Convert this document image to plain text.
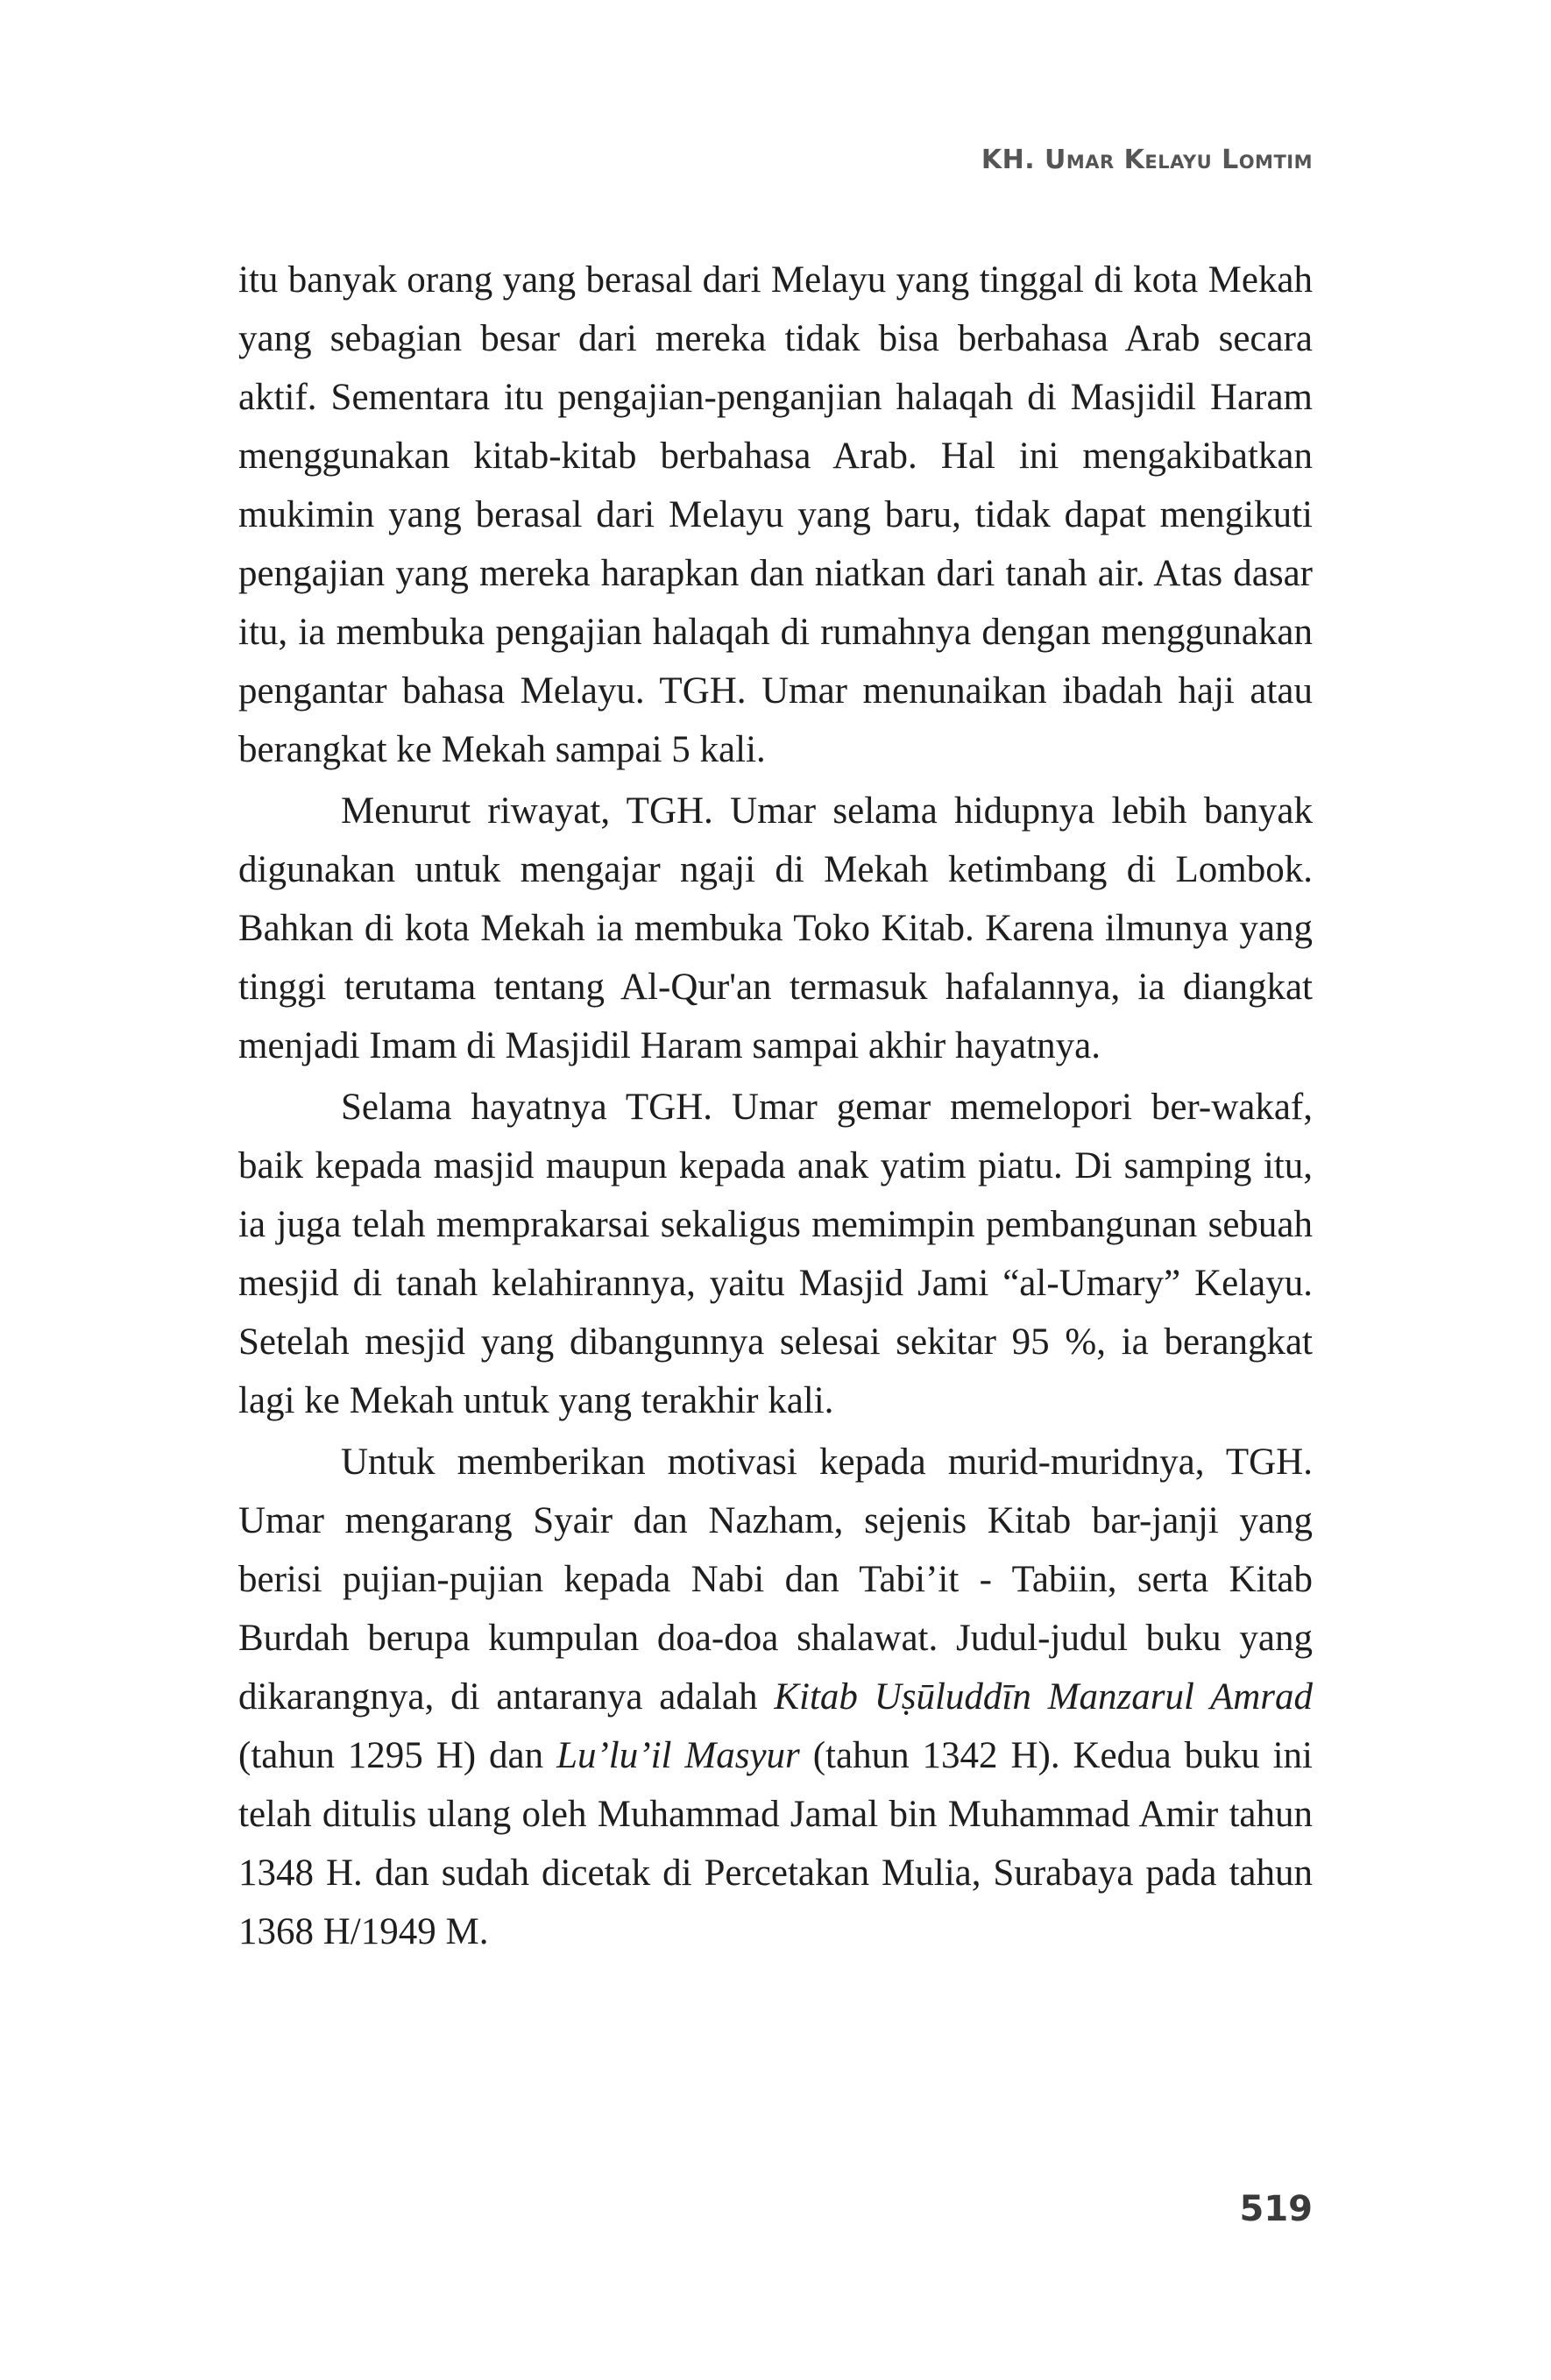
KH. Umar Kelayu Lomtim

itu banyak orang yang berasal dari Melayu yang tinggal di kota Mekah yang sebagian besar dari mereka tidak bisa berbahasa Arab secara aktif. Sementara itu pengajian-penganjian halaqah di Masjidil Haram menggunakan kitab-kitab berbahasa Arab. Hal ini mengakibatkan mukimin yang berasal dari Melayu yang baru, tidak dapat mengikuti pengajian yang mereka harapkan dan niatkan dari tanah air. Atas dasar itu, ia membuka pengajian halaqah di rumahnya dengan menggunakan pengantar bahasa Melayu. TGH. Umar menunaikan ibadah haji atau berangkat ke Mekah sampai 5 kali.

Menurut riwayat, TGH. Umar selama hidupnya lebih banyak digunakan untuk mengajar ngaji di Mekah ketimbang di Lombok. Bahkan di kota Mekah ia membuka Toko Kitab. Karena ilmunya yang tinggi terutama tentang Al-Qur'an termasuk hafalannya, ia diangkat menjadi Imam di Masjidil Haram sampai akhir hayatnya.

Selama hayatnya TGH. Umar gemar memelopori ber-wakaf, baik kepada masjid maupun kepada anak yatim piatu. Di samping itu, ia juga telah memprakarsai sekaligus memimpin pembangunan sebuah mesjid di tanah kelahirannya, yaitu Masjid Jami “al-Umary” Kelayu. Setelah mesjid yang dibangunnya selesai sekitar 95 %, ia berangkat lagi ke Mekah untuk yang terakhir kali.

Untuk memberikan motivasi kepada murid-muridnya, TGH. Umar mengarang Syair dan Nazham, sejenis Kitab bar-janji yang berisi pujian-pujian kepada Nabi dan Tabi’it - Tabiin, serta Kitab Burdah berupa kumpulan doa-doa shalawat. Judul-judul buku yang dikarangnya, di antaranya adalah Kitab Uṣūluddīn Manzarul Amrad (tahun 1295 H) dan Lu’lu’il Masyur (tahun 1342 H). Kedua buku ini telah ditulis ulang oleh Muhammad Jamal bin Muhammad Amir tahun 1348 H. dan sudah dicetak di Percetakan Mulia, Surabaya pada tahun 1368 H/1949 M.

519
